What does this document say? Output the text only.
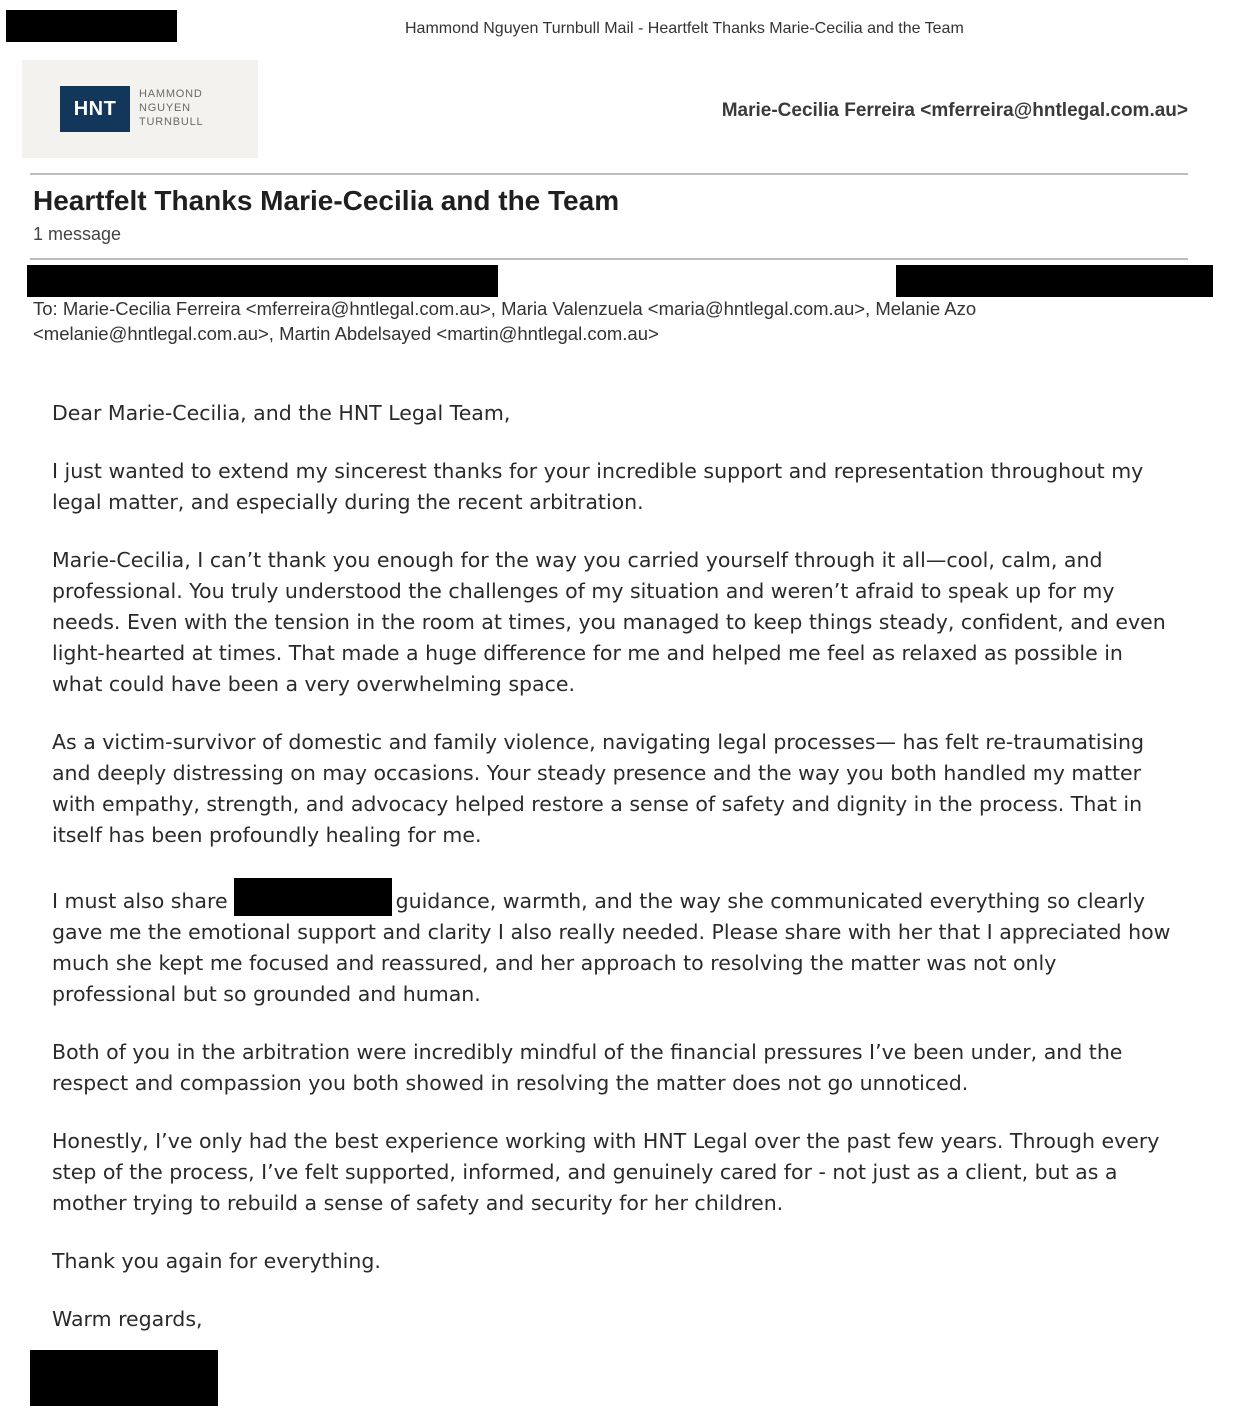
Hammond Nguyen Turnbull Mail - Heartfelt Thanks Marie-Cecilia and the Team
HNT
HAMMOND
NGUYEN
TURNBULL
Marie-Cecilia Ferreira <mferreira@hntlegal.com.au>
Heartfelt Thanks Marie-Cecilia and the Team
1 message
To: Marie-Cecilia Ferreira <mferreira@hntlegal.com.au>, Maria Valenzuela <maria@hntlegal.com.au>, Melanie Azo
<melanie@hntlegal.com.au>, Martin Abdelsayed <martin@hntlegal.com.au>

Dear Marie-Cecilia, and the HNT Legal Team,

I just wanted to extend my sincerest thanks for your incredible support and representation throughout my legal matter, and especially during the recent arbitration.

Marie-Cecilia, I can’t thank you enough for the way you carried yourself through it all—cool, calm, and professional. You truly understood the challenges of my situation and weren’t afraid to speak up for my needs. Even with the tension in the room at times, you managed to keep things steady, confident, and even light-hearted at times. That made a huge difference for me and helped me feel as relaxed as possible in what could have been a very overwhelming space.

As a victim-survivor of domestic and family violence, navigating legal processes— has felt re-traumatising and deeply distressing on may occasions. Your steady presence and the way you both handled my matter with empathy, strength, and advocacy helped restore a sense of safety and dignity in the process. That in itself has been profoundly healing for me.

I must also share	guidance, warmth, and the way she communicated everything so clearly gave me the emotional support and clarity I also really needed. Please share with her that I appreciated how much she kept me focused and reassured, and her approach to resolving the matter was not only professional but so grounded and human.

Both of you in the arbitration were incredibly mindful of the financial pressures I’ve been under, and the respect and compassion you both showed in resolving the matter does not go unnoticed.

Honestly, I’ve only had the best experience working with HNT Legal over the past few years. Through every step of the process, I’ve felt supported, informed, and genuinely cared for - not just as a client, but as a mother trying to rebuild a sense of safety and security for her children.

Thank you again for everything.

Warm regards,
